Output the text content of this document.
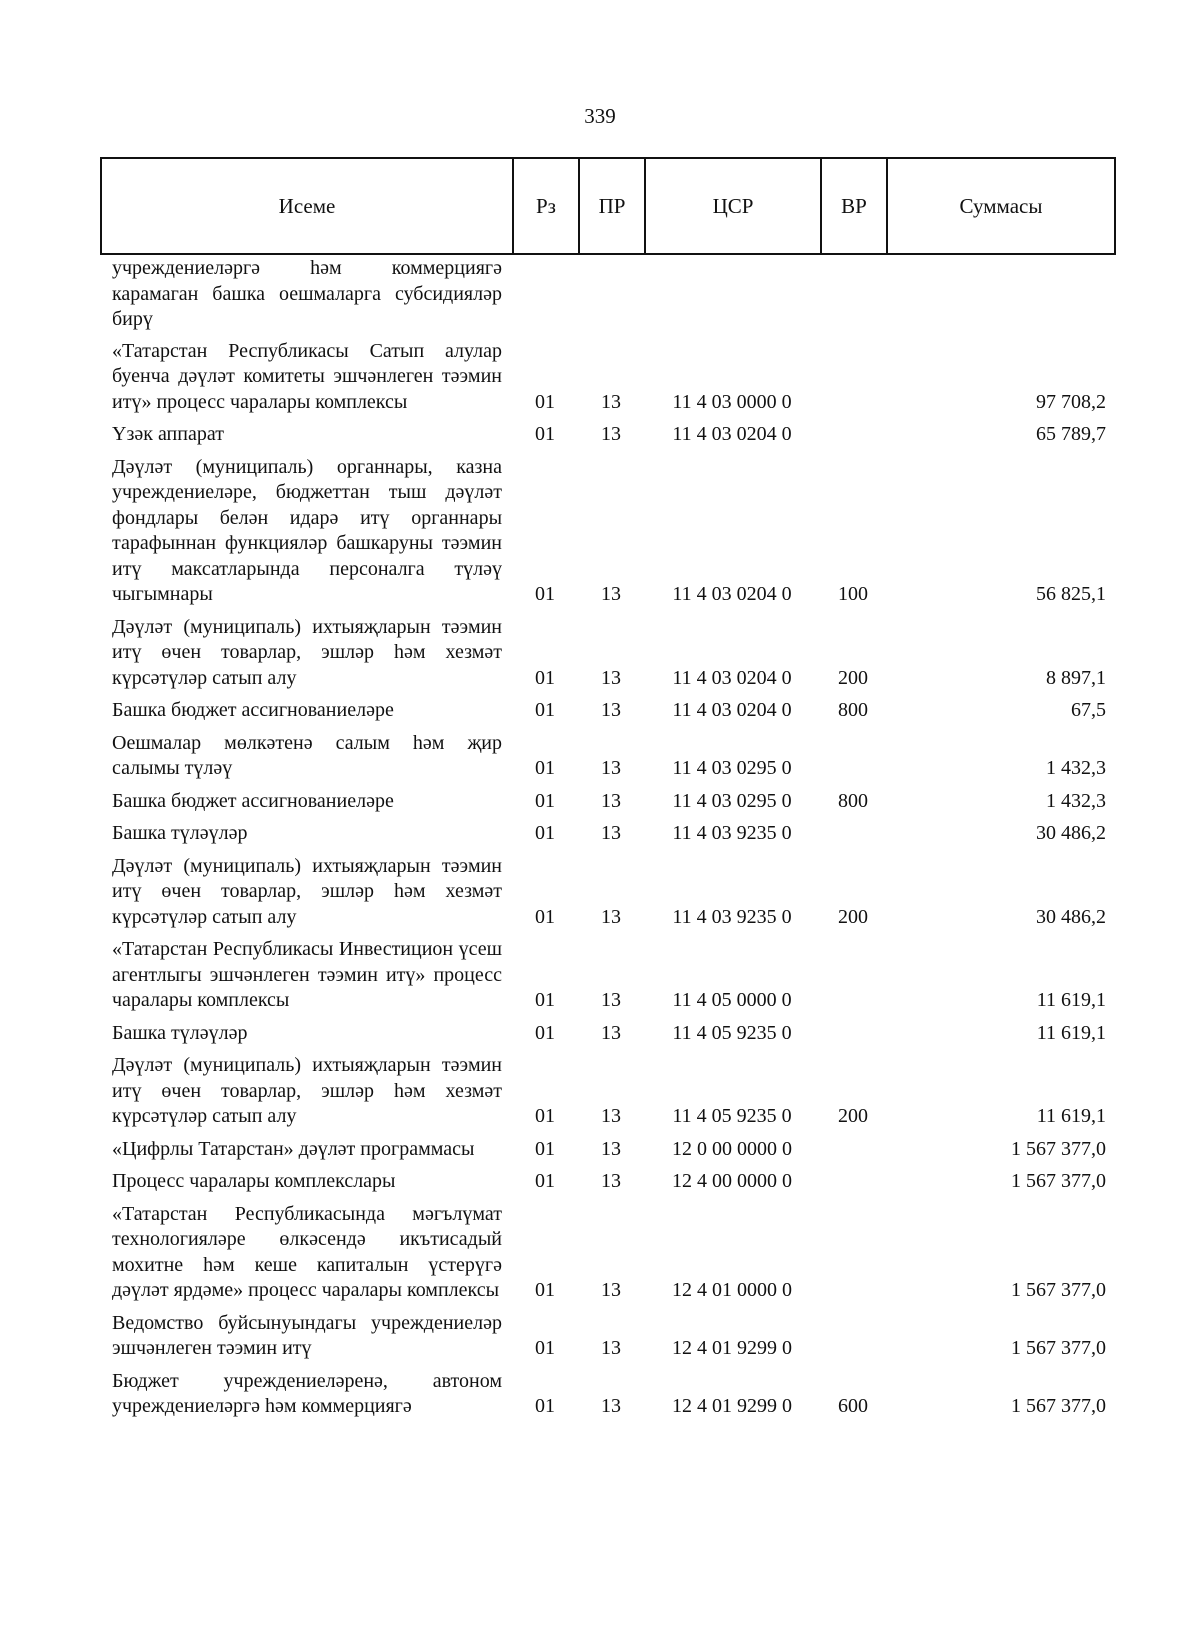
339
Исеме	Рз	ПР	ЦСР	ВР	Суммасы
учреждениеләргә һәм коммерциягә карамаган башка оешмаларга субсидияләр бирү					
«Татарстан Республикасы Сатып алулар буенча дәүләт комитеты эшчәнлеген тәэмин итү» процесс чаралары комплексы	01	13	11 4 03 0000 0		97 708,2
Үзәк аппарат	01	13	11 4 03 0204 0		65 789,7
Дәүләт (муниципаль) органнары, казна учреждениеләре, бюджеттан тыш дәүләт фондлары белән идарә итү органнары тарафыннан функцияләр башкаруны тәэмин итү максатларында персоналга түләү чыгымнары	01	13	11 4 03 0204 0	100	56 825,1
Дәүләт (муниципаль) ихтыяҗларын тәэмин итү өчен товарлар, эшләр һәм хезмәт күрсәтүләр сатып алу	01	13	11 4 03 0204 0	200	8 897,1
Башка бюджет ассигнованиеләре	01	13	11 4 03 0204 0	800	67,5
Оешмалар мөлкәтенә салым һәм җир салымы түләү	01	13	11 4 03 0295 0		1 432,3
Башка бюджет ассигнованиеләре	01	13	11 4 03 0295 0	800	1 432,3
Башка түләүләр	01	13	11 4 03 9235 0		30 486,2
Дәүләт (муниципаль) ихтыяҗларын тәэмин итү өчен товарлар, эшләр һәм хезмәт күрсәтүләр сатып алу	01	13	11 4 03 9235 0	200	30 486,2
«Татарстан Республикасы Инвестицион үсеш агентлыгы эшчәнлеген тәэмин итү» процесс чаралары комплексы	01	13	11 4 05 0000 0		11 619,1
Башка түләүләр	01	13	11 4 05 9235 0		11 619,1
Дәүләт (муниципаль) ихтыяҗларын тәэмин итү өчен товарлар, эшләр һәм хезмәт күрсәтүләр сатып алу	01	13	11 4 05 9235 0	200	11 619,1
«Цифрлы Татарстан» дәүләт программасы	01	13	12 0 00 0000 0		1 567 377,0
Процесс чаралары комплекслары	01	13	12 4 00 0000 0		1 567 377,0
«Татарстан Республикасында мәгълүмат технологияләре өлкәсендә икътисадый мохитне һәм кеше капиталын үстерүгә дәүләт ярдәме» процесс чаралары комплексы	01	13	12 4 01 0000 0		1 567 377,0
Ведомство буйсынуындагы учреждениеләр эшчәнлеген тәэмин итү	01	13	12 4 01 9299 0		1 567 377,0
Бюджет учреждениеләренә, автоном учреждениеләргә һәм коммерциягә	01	13	12 4 01 9299 0	600	1 567 377,0
